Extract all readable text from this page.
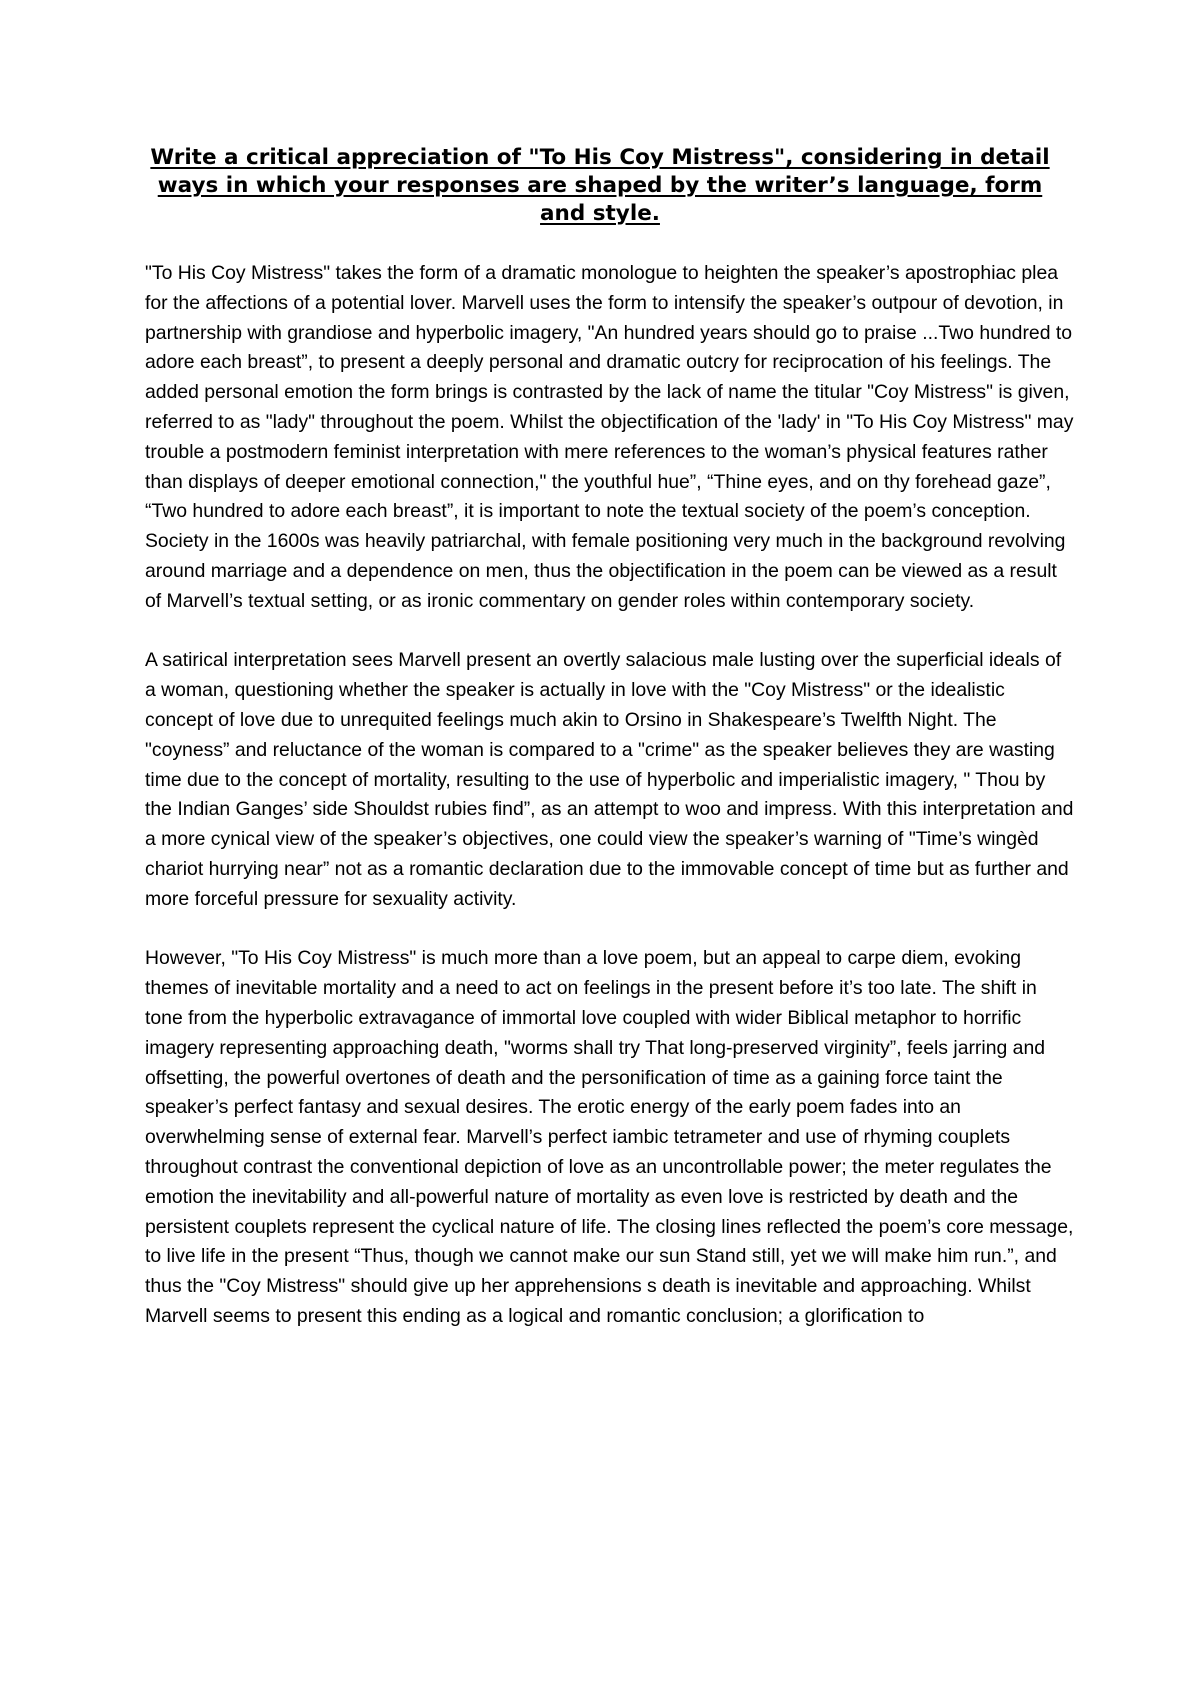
Write a critical appreciation of "To His Coy Mistress", considering in detail ways in which your responses are shaped by the writer’s language, form and style.

"To His Coy Mistress" takes the form of a dramatic monologue to heighten the speaker’s apostrophiac plea for the affections of a potential lover. Marvell uses the form to intensify the speaker’s outpour of devotion, in partnership with grandiose and hyperbolic imagery, "An hundred years should go to praise ...Two hundred to adore each breast”, to present a deeply personal and dramatic outcry for reciprocation of his feelings. The added personal emotion the form brings is contrasted by the lack of name the titular "Coy Mistress" is given, referred to as "lady" throughout the poem. Whilst the objectification of the 'lady' in "To His Coy Mistress" may trouble a postmodern feminist interpretation with mere references to the woman’s physical features rather than displays of deeper emotional connection," the youthful hue”, “Thine eyes, and on thy forehead gaze”, “Two hundred to adore each breast”, it is important to note the textual society of the poem’s conception. Society in the 1600s was heavily patriarchal, with female positioning very much in the background revolving around marriage and a dependence on men, thus the objectification in the poem can be viewed as a result of Marvell’s textual setting, or as ironic commentary on gender roles within contemporary society.

A satirical interpretation sees Marvell present an overtly salacious male lusting over the superficial ideals of a woman, questioning whether the speaker is actually in love with the "Coy Mistress" or the idealistic concept of love due to unrequited feelings much akin to Orsino in Shakespeare’s Twelfth Night. The "coyness” and reluctance of the woman is compared to a "crime" as the speaker believes they are wasting time due to the concept of mortality, resulting to the use of hyperbolic and imperialistic imagery, " Thou by the Indian Ganges’ side Shouldst rubies find”, as an attempt to woo and impress. With this interpretation and a more cynical view of the speaker’s objectives, one could view the speaker’s warning of "Time’s wingèd chariot hurrying near” not as a romantic declaration due to the immovable concept of time but as further and more forceful pressure for sexuality activity.

However, "To His Coy Mistress" is much more than a love poem, but an appeal to carpe diem, evoking themes of inevitable mortality and a need to act on feelings in the present before it’s too late. The shift in tone from the hyperbolic extravagance of immortal love coupled with wider Biblical metaphor to horrific imagery representing approaching death, "worms shall try That long-preserved virginity”, feels jarring and offsetting, the powerful overtones of death and the personification of time as a gaining force taint the speaker’s perfect fantasy and sexual desires. The erotic energy of the early poem fades into an overwhelming sense of external fear. Marvell’s perfect iambic tetrameter and use of rhyming couplets throughout contrast the conventional depiction of love as an uncontrollable power; the meter regulates the emotion the inevitability and all-powerful nature of mortality as even love is restricted by death and the persistent couplets represent the cyclical nature of life. The closing lines reflected the poem’s core message, to live life in the present “Thus, though we cannot make our sun Stand still, yet we will make him run.”, and thus the "Coy Mistress" should give up her apprehensions s death is inevitable and approaching. Whilst Marvell seems to present this ending as a logical and romantic conclusion; a glorification to
